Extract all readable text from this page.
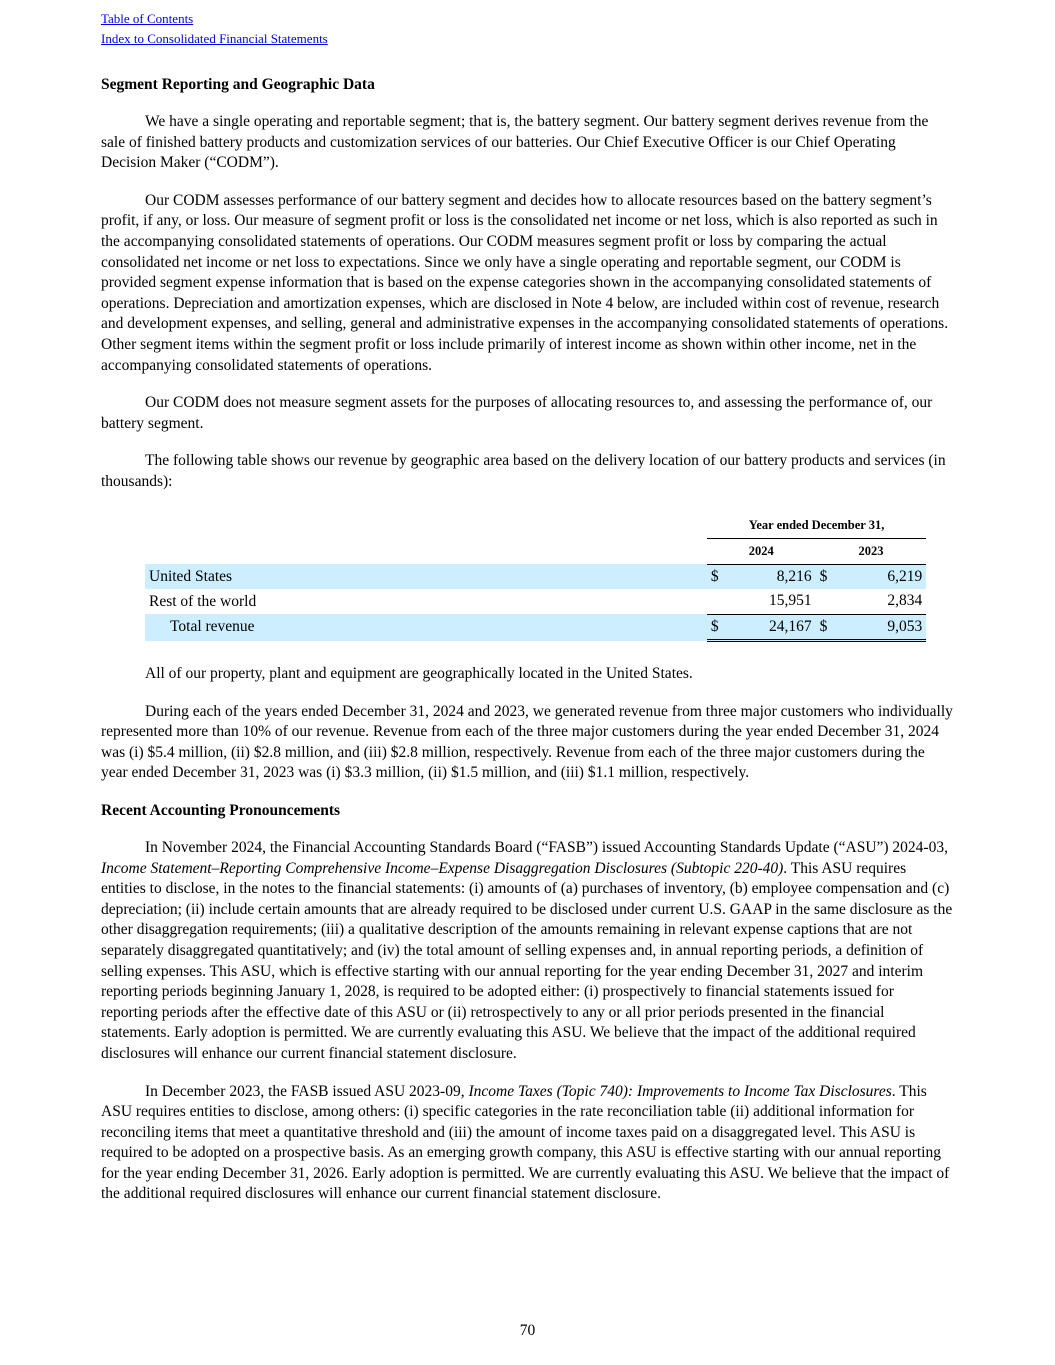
Table of Contents
Index to Consolidated Financial Statements
Segment Reporting and Geographic Data

We have a single operating and reportable segment; that is, the battery segment. Our battery segment derives revenue from the sale of finished battery products and customization services of our batteries. Our Chief Executive Officer is our Chief Operating Decision Maker (“CODM”).

Our CODM assesses performance of our battery segment and decides how to allocate resources based on the battery segment’s profit, if any, or loss. Our measure of segment profit or loss is the consolidated net income or net loss, which is also reported as such in the accompanying consolidated statements of operations. Our CODM measures segment profit or loss by comparing the actual consolidated net income or net loss to expectations. Since we only have a single operating and reportable segment, our CODM is provided segment expense information that is based on the expense categories shown in the accompanying consolidated statements of operations. Depreciation and amortization expenses, which are disclosed in Note 4 below, are included within cost of revenue, research and development expenses, and selling, general and administrative expenses in the accompanying consolidated statements of operations. Other segment items within the segment profit or loss include primarily of interest income as shown within other income, net in the accompanying consolidated statements of operations.

Our CODM does not measure segment assets for the purposes of allocating resources to, and assessing the performance of, our battery segment.

The following table shows our revenue by geographic area based on the delivery location of our battery products and services (in thousands):

	Year ended December 31,				
	2024		2023		
United States	$	8,216	$	6,219	
Rest of the world		15,951		2,834	
Total revenue	$	24,167	$	9,053	

All of our property, plant and equipment are geographically located in the United States.

During each of the years ended December 31, 2024 and 2023, we generated revenue from three major customers who individually represented more than 10% of our revenue. Revenue from each of the three major customers during the year ended December 31, 2024 was (i) $5.4 million, (ii) $2.8 million, and (iii) $2.8 million, respectively. Revenue from each of the three major customers during the year ended December 31, 2023 was (i) $3.3 million, (ii) $1.5 million, and (iii) $1.1 million, respectively.

Recent Accounting Pronouncements

In November 2024, the Financial Accounting Standards Board (“FASB”) issued Accounting Standards Update (“ASU”) 2024-03, Income Statement–Reporting Comprehensive Income–Expense Disaggregation Disclosures (Subtopic 220-40). This ASU requires entities to disclose, in the notes to the financial statements: (i) amounts of (a) purchases of inventory, (b) employee compensation and (c) depreciation; (ii) include certain amounts that are already required to be disclosed under current U.S. GAAP in the same disclosure as the other disaggregation requirements; (iii) a qualitative description of the amounts remaining in relevant expense captions that are not separately disaggregated quantitatively; and (iv) the total amount of selling expenses and, in annual reporting periods, a definition of selling expenses. This ASU, which is effective starting with our annual reporting for the year ending December 31, 2027 and interim reporting periods beginning January 1, 2028, is required to be adopted either: (i) prospectively to financial statements issued for reporting periods after the effective date of this ASU or (ii) retrospectively to any or all prior periods presented in the financial statements. Early adoption is permitted. We are currently evaluating this ASU. We believe that the impact of the additional required disclosures will enhance our current financial statement disclosure.

In December 2023, the FASB issued ASU 2023-09, Income Taxes (Topic 740): Improvements to Income Tax Disclosures. This ASU requires entities to disclose, among others: (i) specific categories in the rate reconciliation table (ii) additional information for reconciling items that meet a quantitative threshold and (iii) the amount of income taxes paid on a disaggregated level. This ASU is required to be adopted on a prospective basis. As an emerging growth company, this ASU is effective starting with our annual reporting for the year ending December 31, 2026. Early adoption is permitted. We are currently evaluating this ASU. We believe that the impact of the additional required disclosures will enhance our current financial statement disclosure.

70
